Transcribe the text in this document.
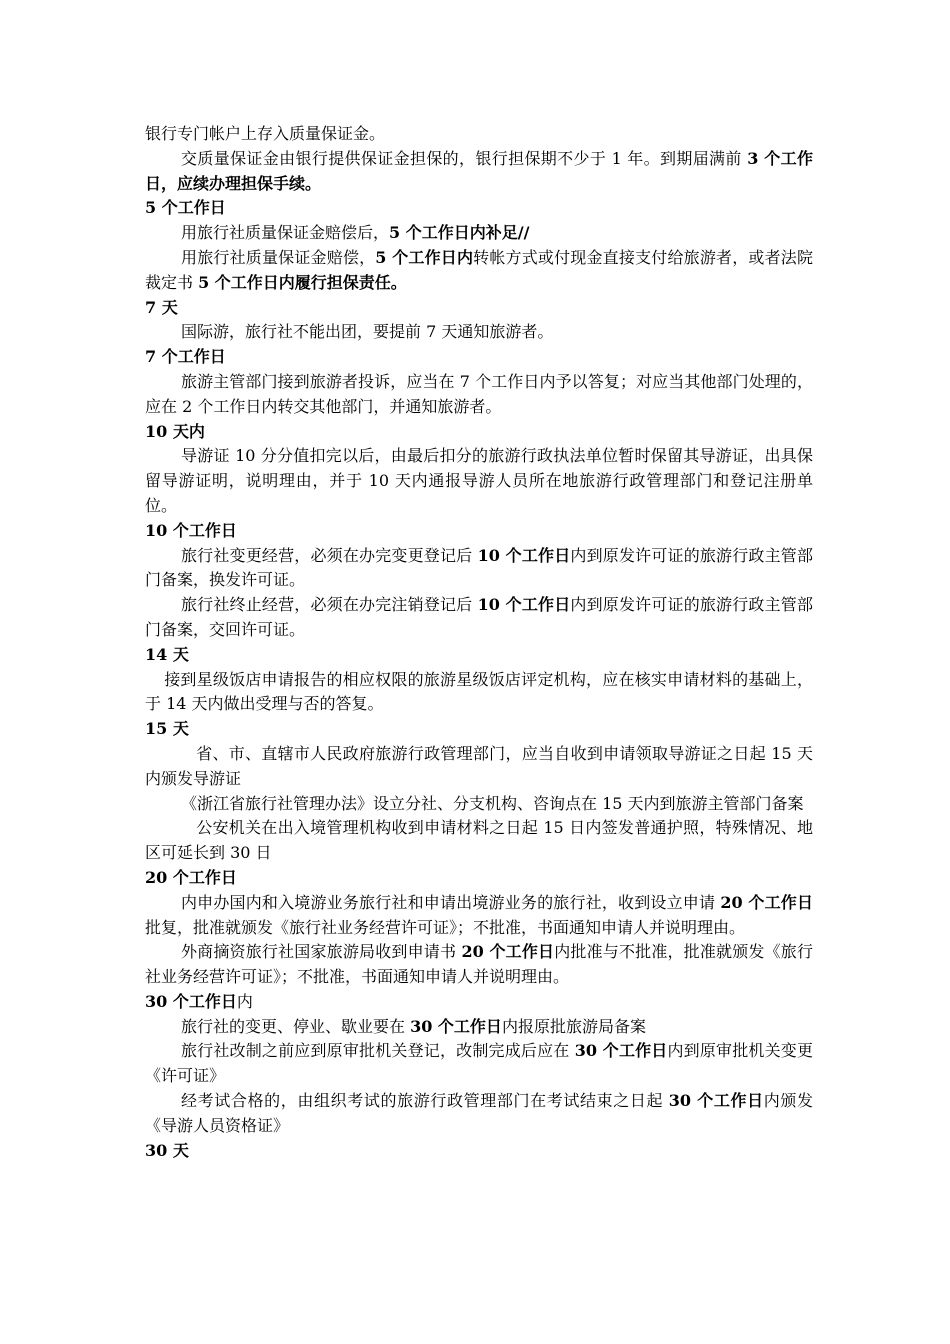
银行专门帐户上存入质量保证金。

交质量保证金由银行提供保证金担保的，银行担保期不少于 1 年。到期届满前 3 个工作日，应续办理担保手续。

5 个工作日

用旅行社质量保证金赔偿后，5 个工作日内补足//

用旅行社质量保证金赔偿，5 个工作日内转帐方式或付现金直接支付给旅游者，或者法院裁定书 5 个工作日内履行担保责任。

7 天

国际游，旅行社不能出团，要提前 7 天通知旅游者。

7 个工作日

旅游主管部门接到旅游者投诉，应当在 7 个工作日内予以答复；对应当其他部门处理的，应在 2 个工作日内转交其他部门，并通知旅游者。

10 天内

导游证 10 分分值扣完以后，由最后扣分的旅游行政执法单位暂时保留其导游证，出具保留导游证明，说明理由，并于 10 天内通报导游人员所在地旅游行政管理部门和登记注册单位。

10 个工作日

旅行社变更经营，必须在办完变更登记后 10 个工作日内到原发许可证的旅游行政主管部门备案，换发许可证。

旅行社终止经营，必须在办完注销登记后 10 个工作日内到原发许可证的旅游行政主管部门备案，交回许可证。

14 天

接到星级饭店申请报告的相应权限的旅游星级饭店评定机构，应在核实申请材料的基础上，于 14 天内做出受理与否的答复。

15 天

省、市、直辖市人民政府旅游行政管理部门，应当自收到申请领取导游证之日起 15 天内颁发导游证

《浙江省旅行社管理办法》设立分社、分支机构、咨询点在 15 天内到旅游主管部门备案

公安机关在出入境管理机构收到申请材料之日起 15 日内签发普通护照，特殊情况、地区可延长到 30 日

20 个工作日

内申办国内和入境游业务旅行社和申请出境游业务的旅行社，收到设立申请 20 个工作日批复，批准就颁发《旅行社业务经营许可证》；不批准，书面通知申请人并说明理由。

外商摘资旅行社国家旅游局收到申请书 20 个工作日内批准与不批准，批准就颁发《旅行社业务经营许可证》；不批准，书面通知申请人并说明理由。

30 个工作日内

旅行社的变更、停业、歇业要在 30 个工作日内报原批旅游局备案

旅行社改制之前应到原审批机关登记，改制完成后应在 30 个工作日内到原审批机关变更《许可证》

经考试合格的，由组织考试的旅游行政管理部门在考试结束之日起 30 个工作日内颁发《导游人员资格证》

30 天
